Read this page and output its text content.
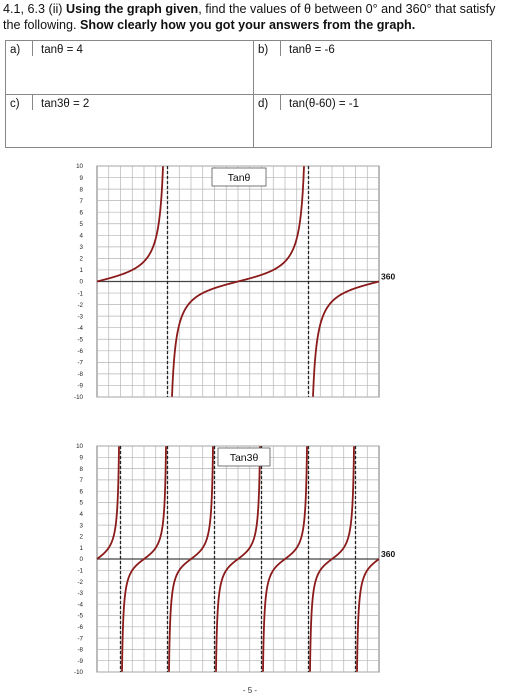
4.1, 6.3 (ii) Using the graph given, find the values of θ between 0° and 360° that satisfy the following. Show clearly how you got your answers from the graph.
a) tanθ = 4	b) tanθ = -6

c) tan3θ = 2	d) tan(θ-60) = -1
10
9
8
7
6
5
4
3
2
1
0
-1
-2
-3
-4
-5
-6
-7
-8
-9
-10
Tanθ
360
10
9
8
7
6
5
4
3
2
1
0
-1
-2
-3
-4
-5
-6
-7
-8
-9
-10
Tan3θ
360
- 5 -
